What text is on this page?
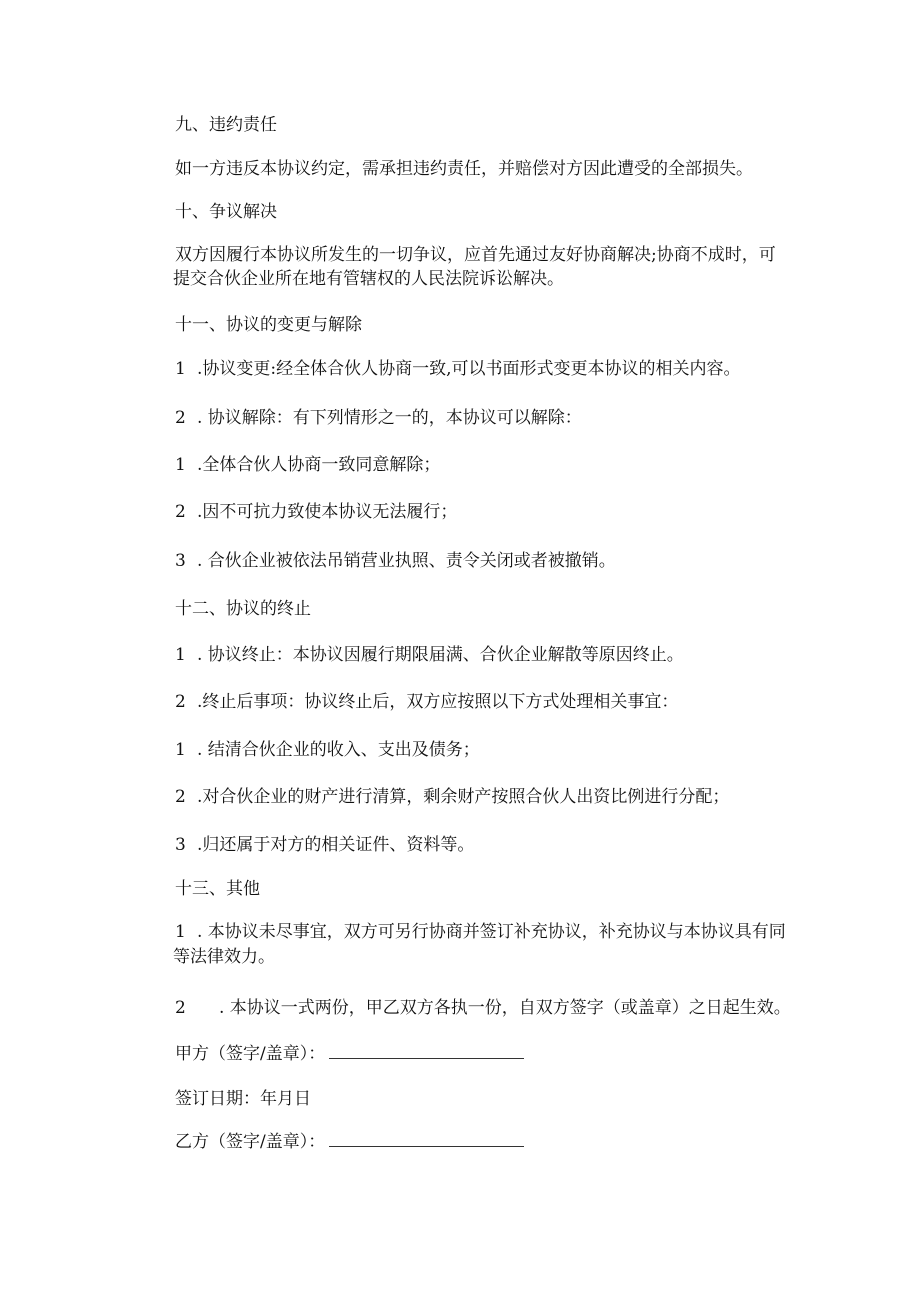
九、违约责任
如一方违反本协议约定，需承担违约责任，并赔偿对方因此遭受的全部损失。
十、争议解决
双方因履行本协议所发生的一切争议，应首先通过友好协商解决;协商不成时，可
提交合伙企业所在地有管辖权的人民法院诉讼解决。
十一、协议的变更与解除
1 .协议变更:经全体合伙人协商一致,可以书面形式变更本协议的相关内容。
2 . 协议解除：有下列情形之一的，本协议可以解除：
1 .全体合伙人协商一致同意解除；
2 .因不可抗力致使本协议无法履行；
3 . 合伙企业被依法吊销营业执照、责令关闭或者被撤销。
十二、协议的终止
1 . 协议终止：本协议因履行期限届满、合伙企业解散等原因终止。
2 .终止后事项：协议终止后，双方应按照以下方式处理相关事宜：
1 . 结清合伙企业的收入、支出及债务；
2 .对合伙企业的财产进行清算，剩余财产按照合伙人出资比例进行分配；
3 .归还属于对方的相关证件、资料等。
十三、其他
1 . 本协议未尽事宜，双方可另行协商并签订补充协议，补充协议与本协议具有同
等法律效力。
2 . 本协议一式两份，甲乙双方各执一份，自双方签字（或盖章）之日起生效。
甲方（签字/盖章）：
签订日期：年月日
乙方（签字/盖章）：
